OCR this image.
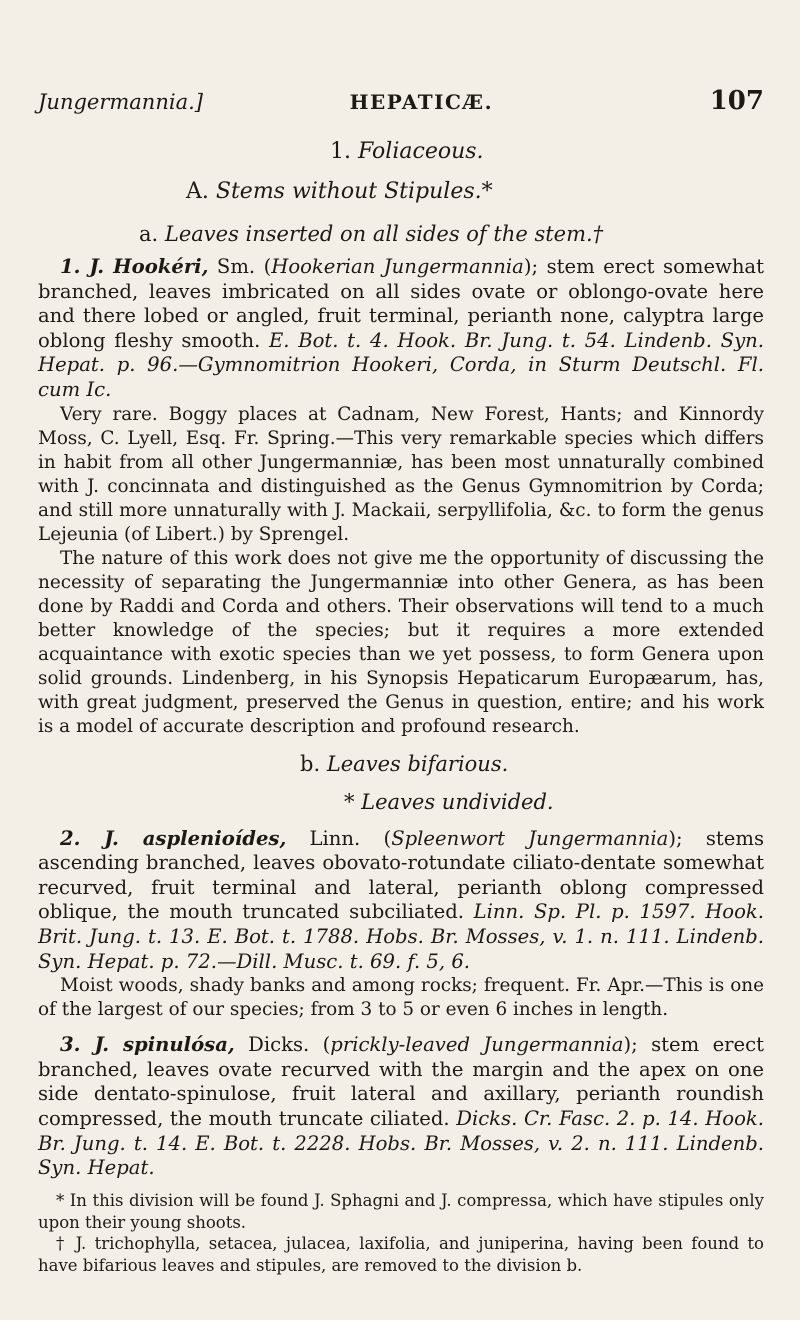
Jungermannia.]	HEPATICÆ.	107
1. Foliaceous.
A. Stems without Stipules.*
a. Leaves inserted on all sides of the stem.†

1. J. Hookéri, Sm. (Hookerian Jungermannia); stem erect somewhat branched, leaves imbricated on all sides ovate or oblongo-ovate here and there lobed or angled, fruit terminal, perianth none, calyptra large oblong fleshy smooth. E. Bot. t. 4. Hook. Br. Jung. t. 54. Lindenb. Syn. Hepat. p. 96.—Gymnomitrion Hookeri, Corda, in Sturm Deutschl. Fl. cum Ic.

Very rare. Boggy places at Cadnam, New Forest, Hants; and Kinnordy Moss, C. Lyell, Esq. Fr. Spring.—This very remarkable species which differs in habit from all other Jungermanniæ, has been most unnaturally combined with J. concinnata and distinguished as the Genus Gymnomitrion by Corda; and still more unnaturally with J. Mackaii, serpyllifolia, &c. to form the genus Lejeunia (of Libert.) by Sprengel.

The nature of this work does not give me the opportunity of discussing the necessity of separating the Jungermanniæ into other Genera, as has been done by Raddi and Corda and others. Their observations will tend to a much better knowledge of the species; but it requires a more extended acquaintance with exotic species than we yet possess, to form Genera upon solid grounds. Lindenberg, in his Synopsis Hepaticarum Europæarum, has, with great judgment, preserved the Genus in question, entire; and his work is a model of accurate description and profound research.

b. Leaves bifarious.
* Leaves undivided.

2. J. asplenioídes, Linn. (Spleenwort Jungermannia); stems ascending branched, leaves obovato-rotundate ciliato-dentate somewhat recurved, fruit terminal and lateral, perianth oblong compressed oblique, the mouth truncated subciliated. Linn. Sp. Pl. p. 1597. Hook. Brit. Jung. t. 13. E. Bot. t. 1788. Hobs. Br. Mosses, v. 1. n. 111. Lindenb. Syn. Hepat. p. 72.—Dill. Musc. t. 69. f. 5, 6.

Moist woods, shady banks and among rocks; frequent. Fr. Apr.—This is one of the largest of our species; from 3 to 5 or even 6 inches in length.

3. J. spinulósa, Dicks. (prickly-leaved Jungermannia); stem erect branched, leaves ovate recurved with the margin and the apex on one side dentato-spinulose, fruit lateral and axillary, perianth roundish compressed, the mouth truncate ciliated. Dicks. Cr. Fasc. 2. p. 14. Hook. Br. Jung. t. 14. E. Bot. t. 2228. Hobs. Br. Mosses, v. 2. n. 111. Lindenb. Syn. Hepat.

* In this division will be found J. Sphagni and J. compressa, which have stipules only upon their young shoots.

† J. trichophylla, setacea, julacea, laxifolia, and juniperina, having been found to have bifarious leaves and stipules, are removed to the division b.
